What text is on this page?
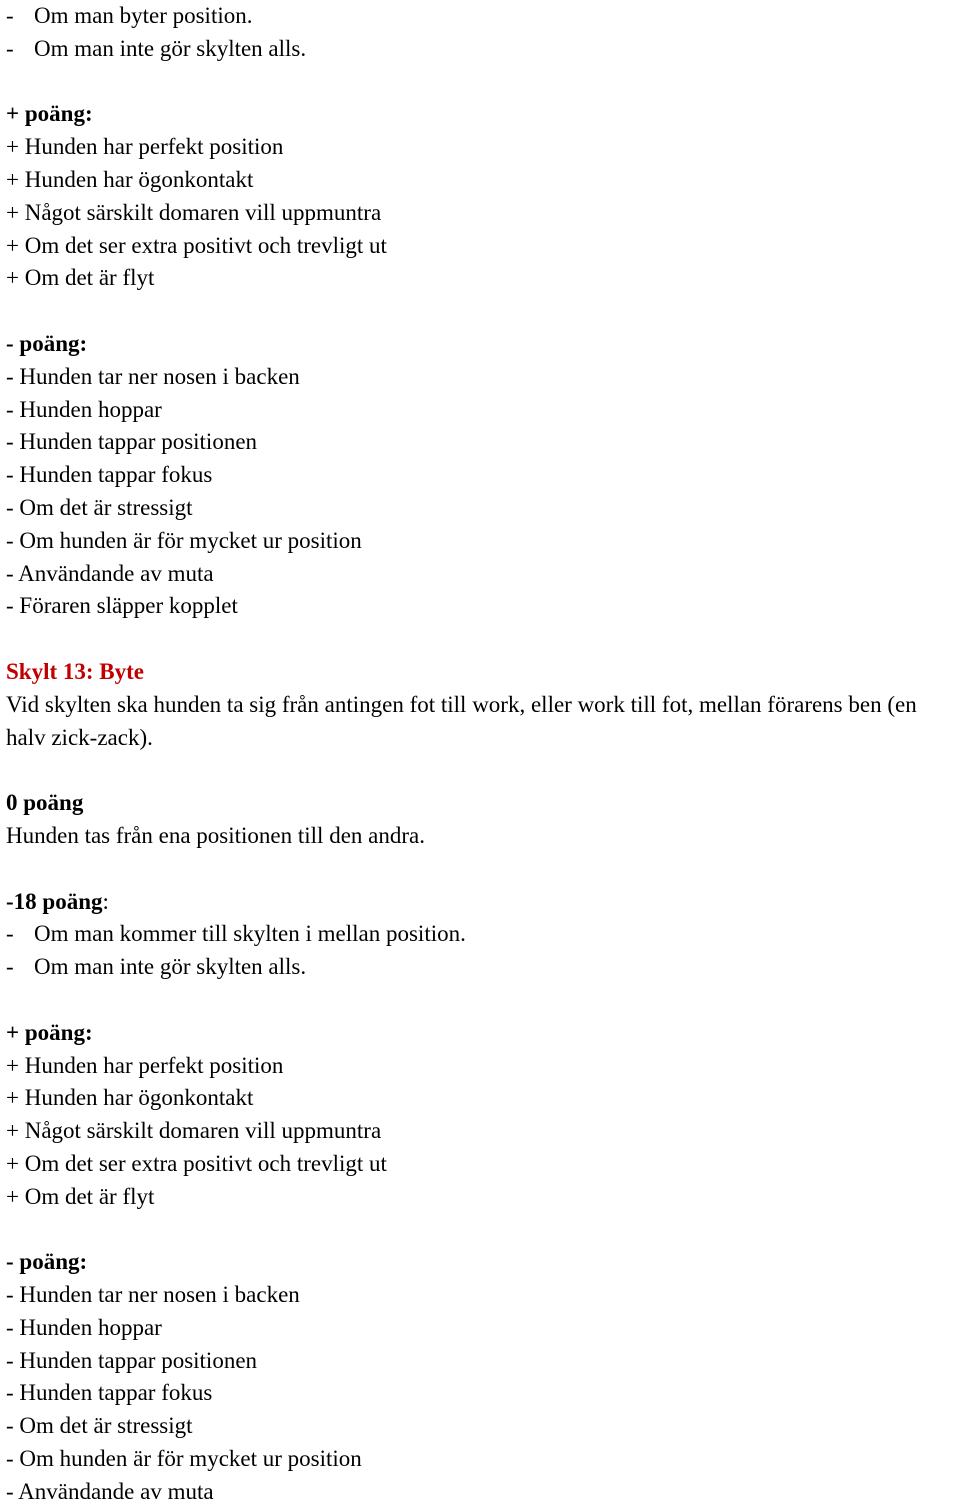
- Om man byter position.
- Om man inte gör skylten alls.
+ poäng:
+ Hunden har perfekt position
+ Hunden har ögonkontakt
+ Något särskilt domaren vill uppmuntra
+ Om det ser extra positivt och trevligt ut
+ Om det är flyt
- poäng:
- Hunden tar ner nosen i backen
- Hunden hoppar
- Hunden tappar positionen
- Hunden tappar fokus
- Om det är stressigt
- Om hunden är för mycket ur position
- Användande av muta
- Föraren släpper kopplet
Skylt 13: Byte
Vid skylten ska hunden ta sig från antingen fot till work, eller work till fot, mellan förarens ben (en halv zick-zack).
0 poäng
Hunden tas från ena positionen till den andra.
-18 poäng:
- Om man kommer till skylten i mellan position.
- Om man inte gör skylten alls.
+ poäng:
+ Hunden har perfekt position
+ Hunden har ögonkontakt
+ Något särskilt domaren vill uppmuntra
+ Om det ser extra positivt och trevligt ut
+ Om det är flyt
- poäng:
- Hunden tar ner nosen i backen
- Hunden hoppar
- Hunden tappar positionen
- Hunden tappar fokus
- Om det är stressigt
- Om hunden är för mycket ur position
- Användande av muta
